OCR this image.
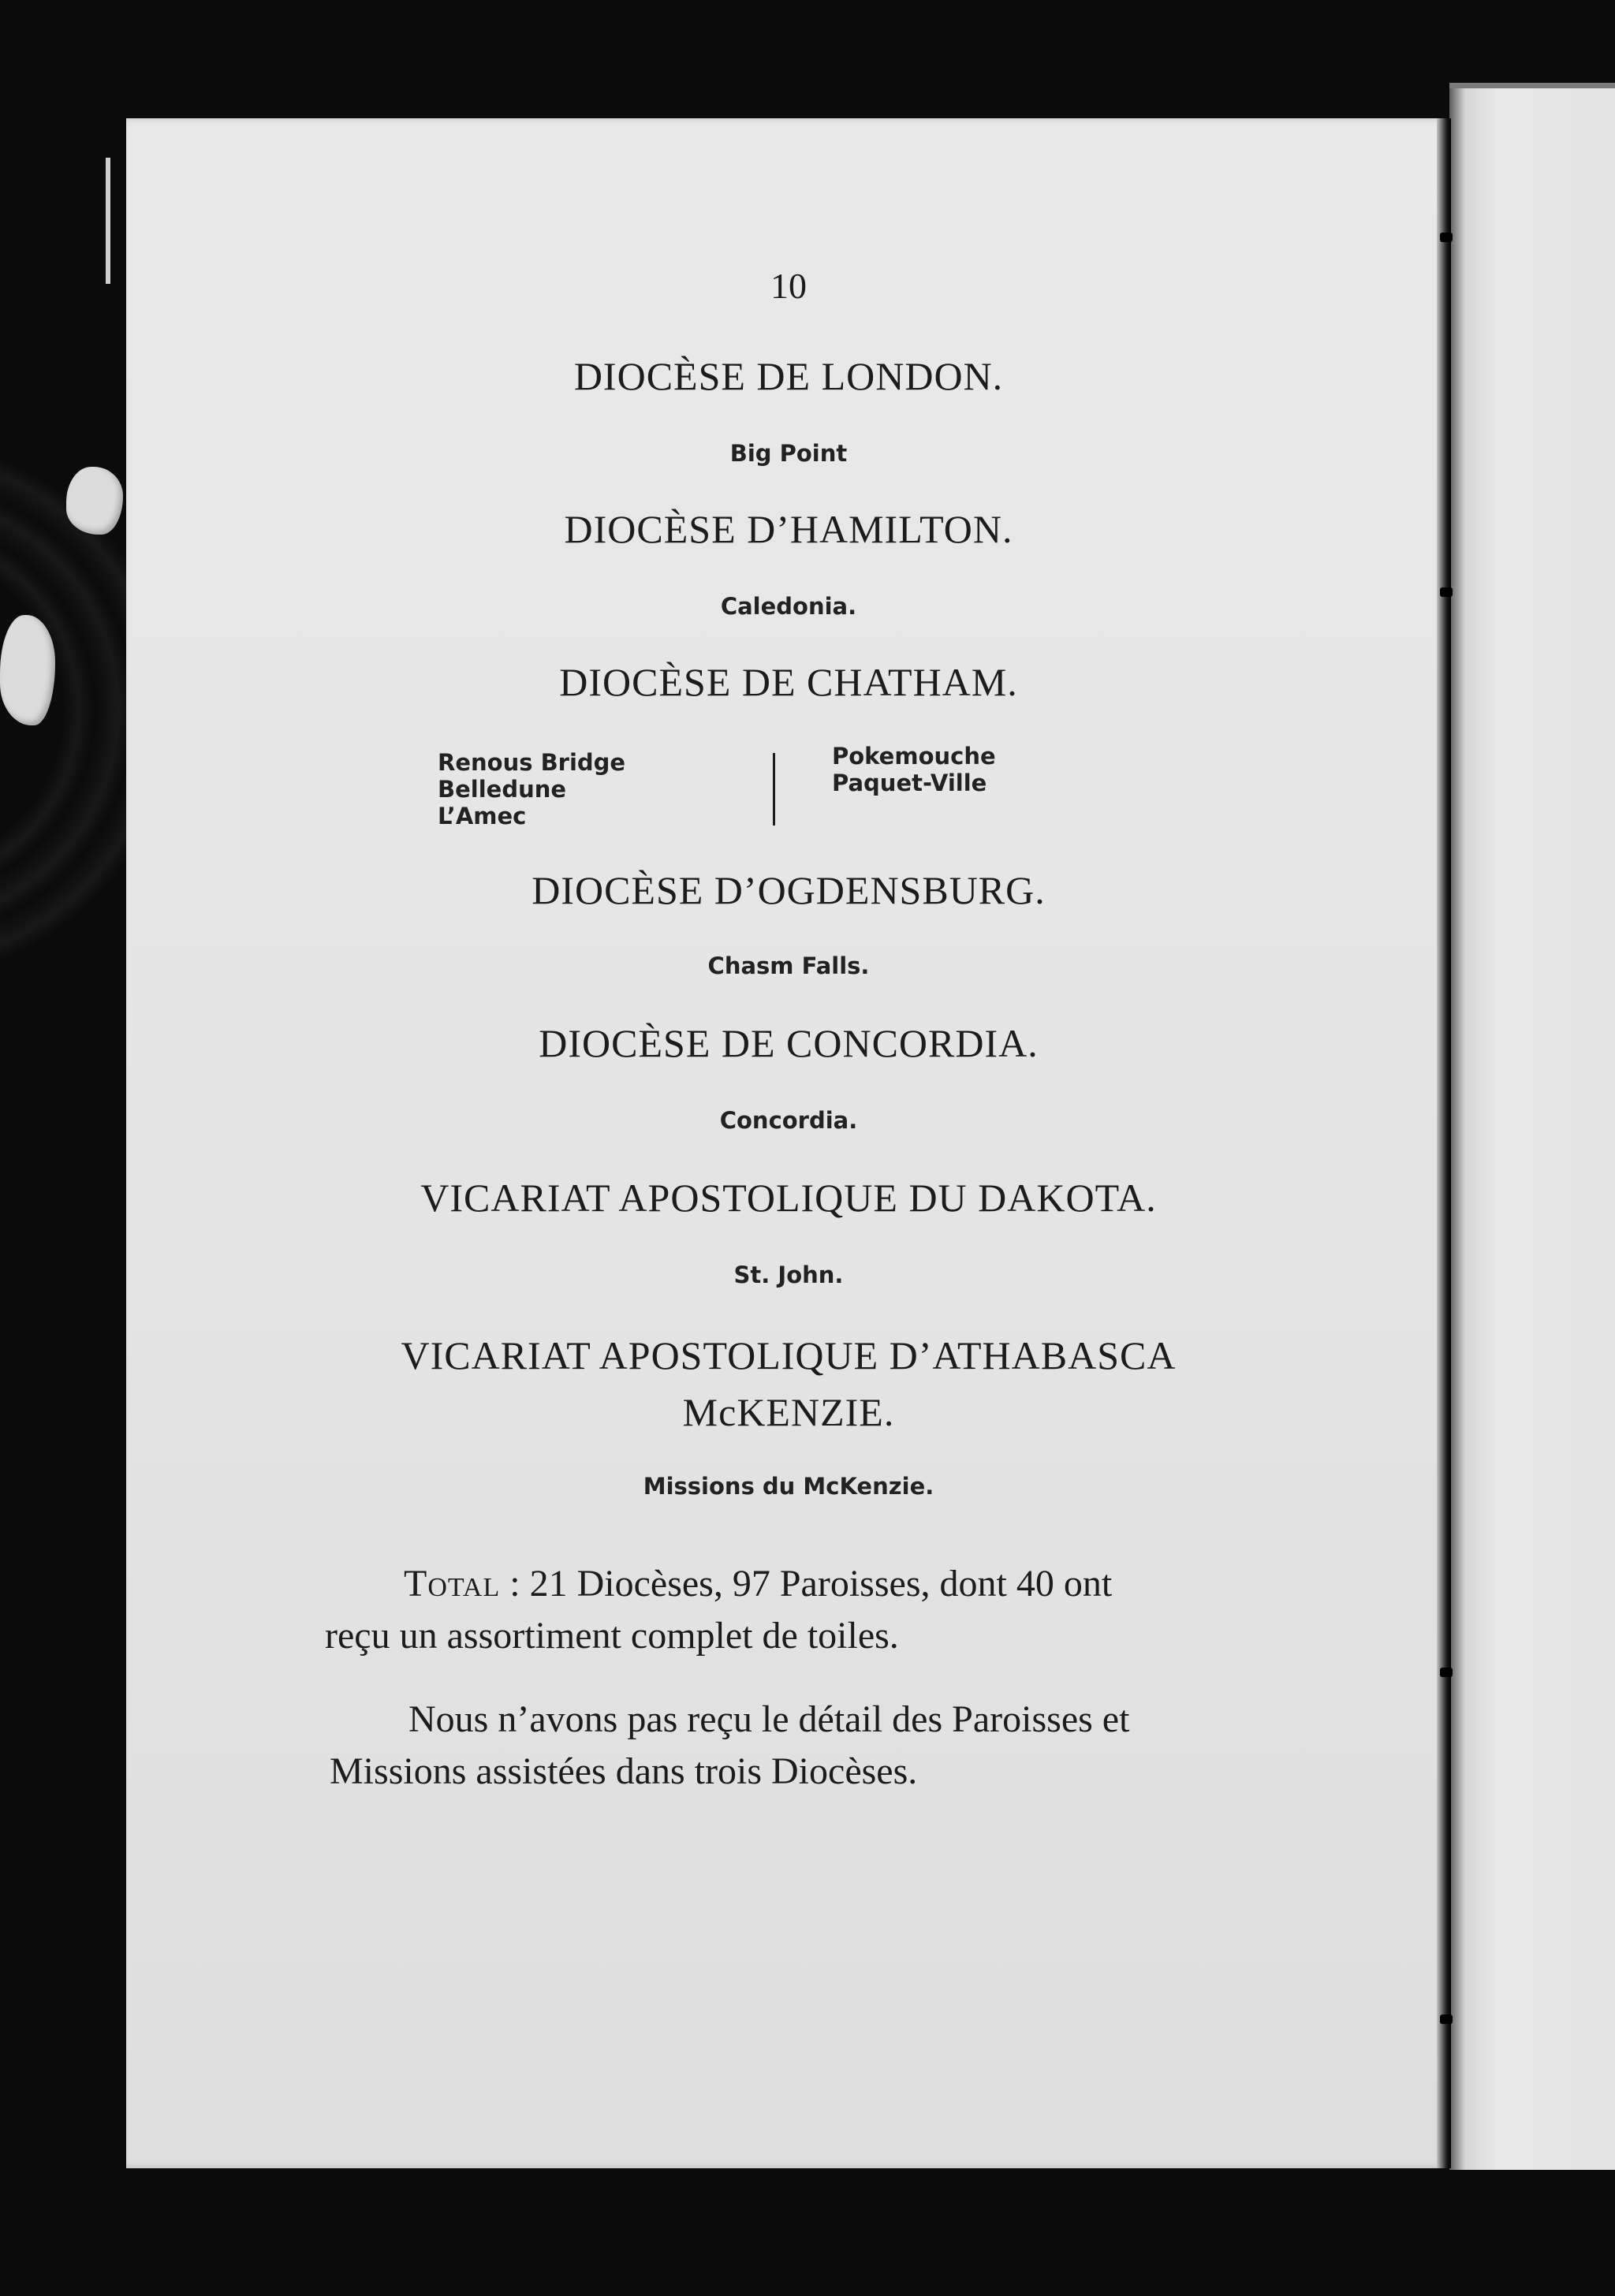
10
DIOCÈSE DE LONDON.
Big Point
DIOCÈSE D’HAMILTON.
Caledonia.
DIOCÈSE DE CHATHAM.
Renous Bridge
Belledune
L’Amec
Pokemouche
Paquet-Ville
DIOCÈSE D’OGDENSBURG.
Chasm Falls.
DIOCÈSE DE CONCORDIA.
Concordia.
VICARIAT APOSTOLIQUE DU DAKOTA.
St. John.
VICARIAT APOSTOLIQUE D’ATHABASCA
McKENZIE.
Missions du McKenzie.
Total : 21 Diocèses, 97 Paroisses, dont 40 ont
reçu un assortiment complet de toiles.
Nous n’avons pas reçu le détail des Paroisses et
Missions assistées dans trois Diocèses.
